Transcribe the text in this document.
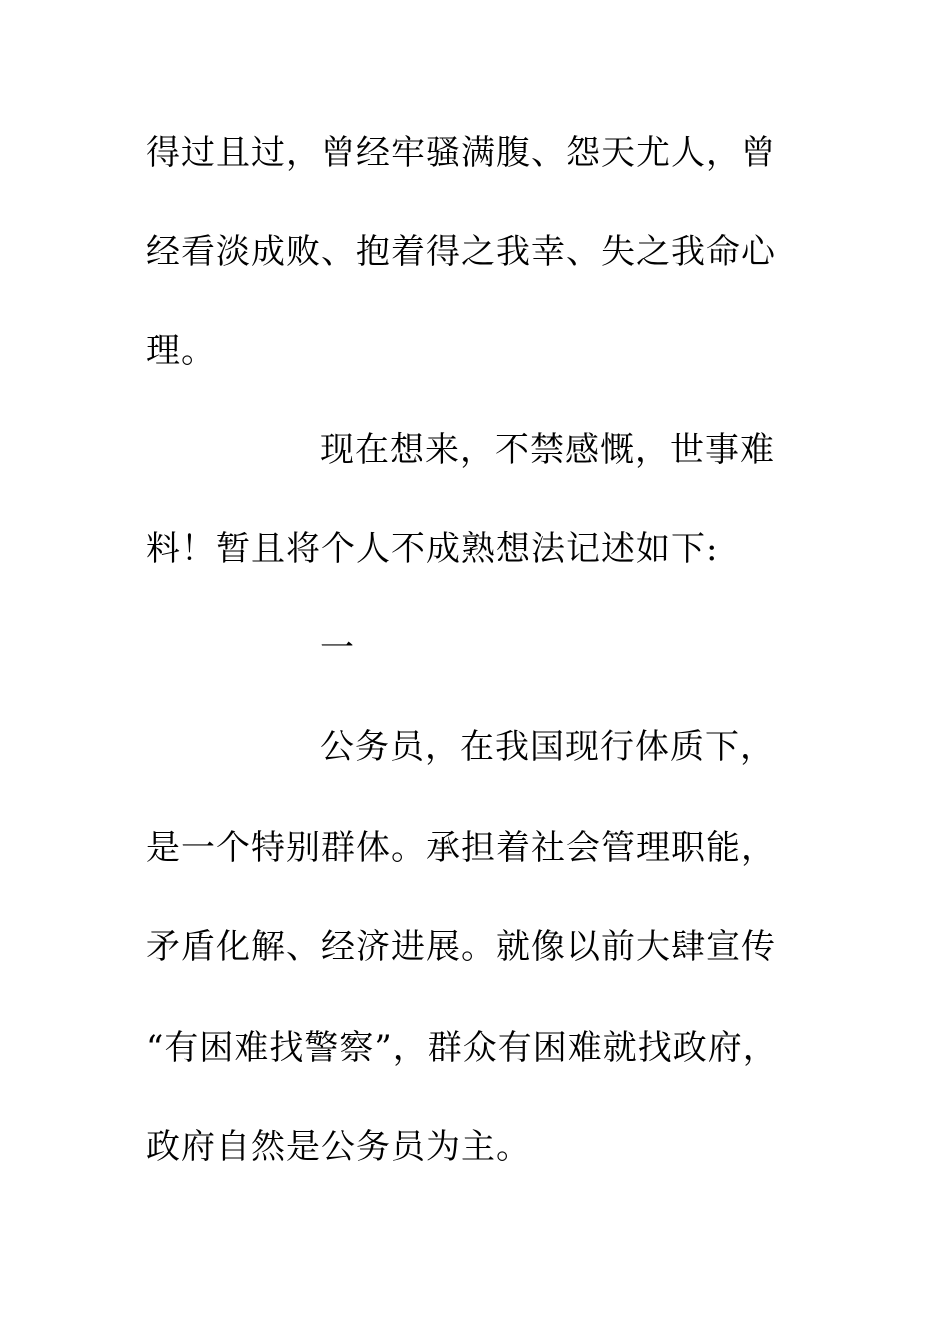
得过且过，曾经牢骚满腹、怨天尤人，曾
经看淡成败、抱着得之我幸、失之我命心
理。
现在想来，不禁感慨，世事难
料！暂且将个人不成熟想法记述如下:
一
公务员，在我国现行体质下，
是一个特别群体。承担着社会管理职能，
矛盾化解、经济进展。就像以前大肆宣传
“有困难找警察”，群众有困难就找政府，
政府自然是公务员为主。
